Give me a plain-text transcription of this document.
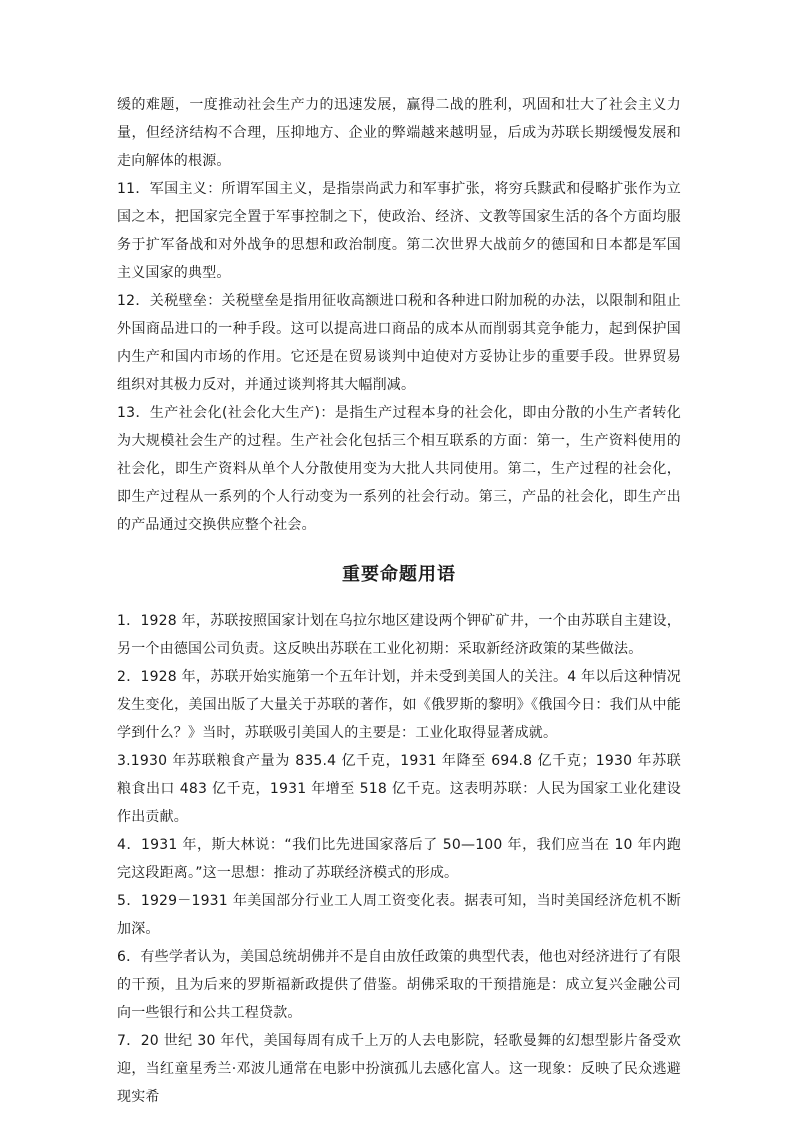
缓的难题，一度推动社会生产力的迅速发展，赢得二战的胜利，巩固和壮大了社会主义力量，但经济结构不合理，压抑地方、企业的弊端越来越明显，后成为苏联长期缓慢发展和走向解体的根源。

11．军国主义：所谓军国主义，是指崇尚武力和军事扩张，将穷兵黩武和侵略扩张作为立国之本，把国家完全置于军事控制之下，使政治、经济、文教等国家生活的各个方面均服务于扩军备战和对外战争的思想和政治制度。第二次世界大战前夕的德国和日本都是军国主义国家的典型。

12．关税壁垒：关税壁垒是指用征收高额进口税和各种进口附加税的办法，以限制和阻止外国商品进口的一种手段。这可以提高进口商品的成本从而削弱其竞争能力，起到保护国内生产和国内市场的作用。它还是在贸易谈判中迫使对方妥协让步的重要手段。世界贸易组织对其极力反对，并通过谈判将其大幅削减。

13．生产社会化(社会化大生产)：是指生产过程本身的社会化，即由分散的小生产者转化为大规模社会生产的过程。生产社会化包括三个相互联系的方面：第一，生产资料使用的社会化，即生产资料从单个人分散使用变为大批人共同使用。第二，生产过程的社会化，即生产过程从一系列的个人行动变为一系列的社会行动。第三，产品的社会化，即生产出的产品通过交换供应整个社会。

重要命题用语

1．1928 年，苏联按照国家计划在乌拉尔地区建设两个钾矿矿井，一个由苏联自主建设，另一个由德国公司负责。这反映出苏联在工业化初期：采取新经济政策的某些做法。

2．1928 年，苏联开始实施第一个五年计划，并未受到美国人的关注。4 年以后这种情况发生变化，美国出版了大量关于苏联的著作，如《俄罗斯的黎明》《俄国今日：我们从中能学到什么？》当时，苏联吸引美国人的主要是：工业化取得显著成就。

3.1930 年苏联粮食产量为 835.4 亿千克，1931 年降至 694.8 亿千克；1930 年苏联粮食出口 483 亿千克，1931 年增至 518 亿千克。这表明苏联：人民为国家工业化建设作出贡献。

4．1931 年，斯大林说：“我们比先进国家落后了 50—100 年，我们应当在 10 年内跑完这段距离。”这一思想：推动了苏联经济模式的形成。

5．1929－1931 年美国部分行业工人周工资变化表。据表可知，当时美国经济危机不断加深。

6．有些学者认为，美国总统胡佛并不是自由放任政策的典型代表，他也对经济进行了有限的干预，且为后来的罗斯福新政提供了借鉴。胡佛采取的干预措施是：成立复兴金融公司向一些银行和公共工程贷款。

7．20 世纪 30 年代，美国每周有成千上万的人去电影院，轻歌曼舞的幻想型影片备受欢迎，当红童星秀兰·邓波儿通常在电影中扮演孤儿去感化富人。这一现象：反映了民众逃避现实希
